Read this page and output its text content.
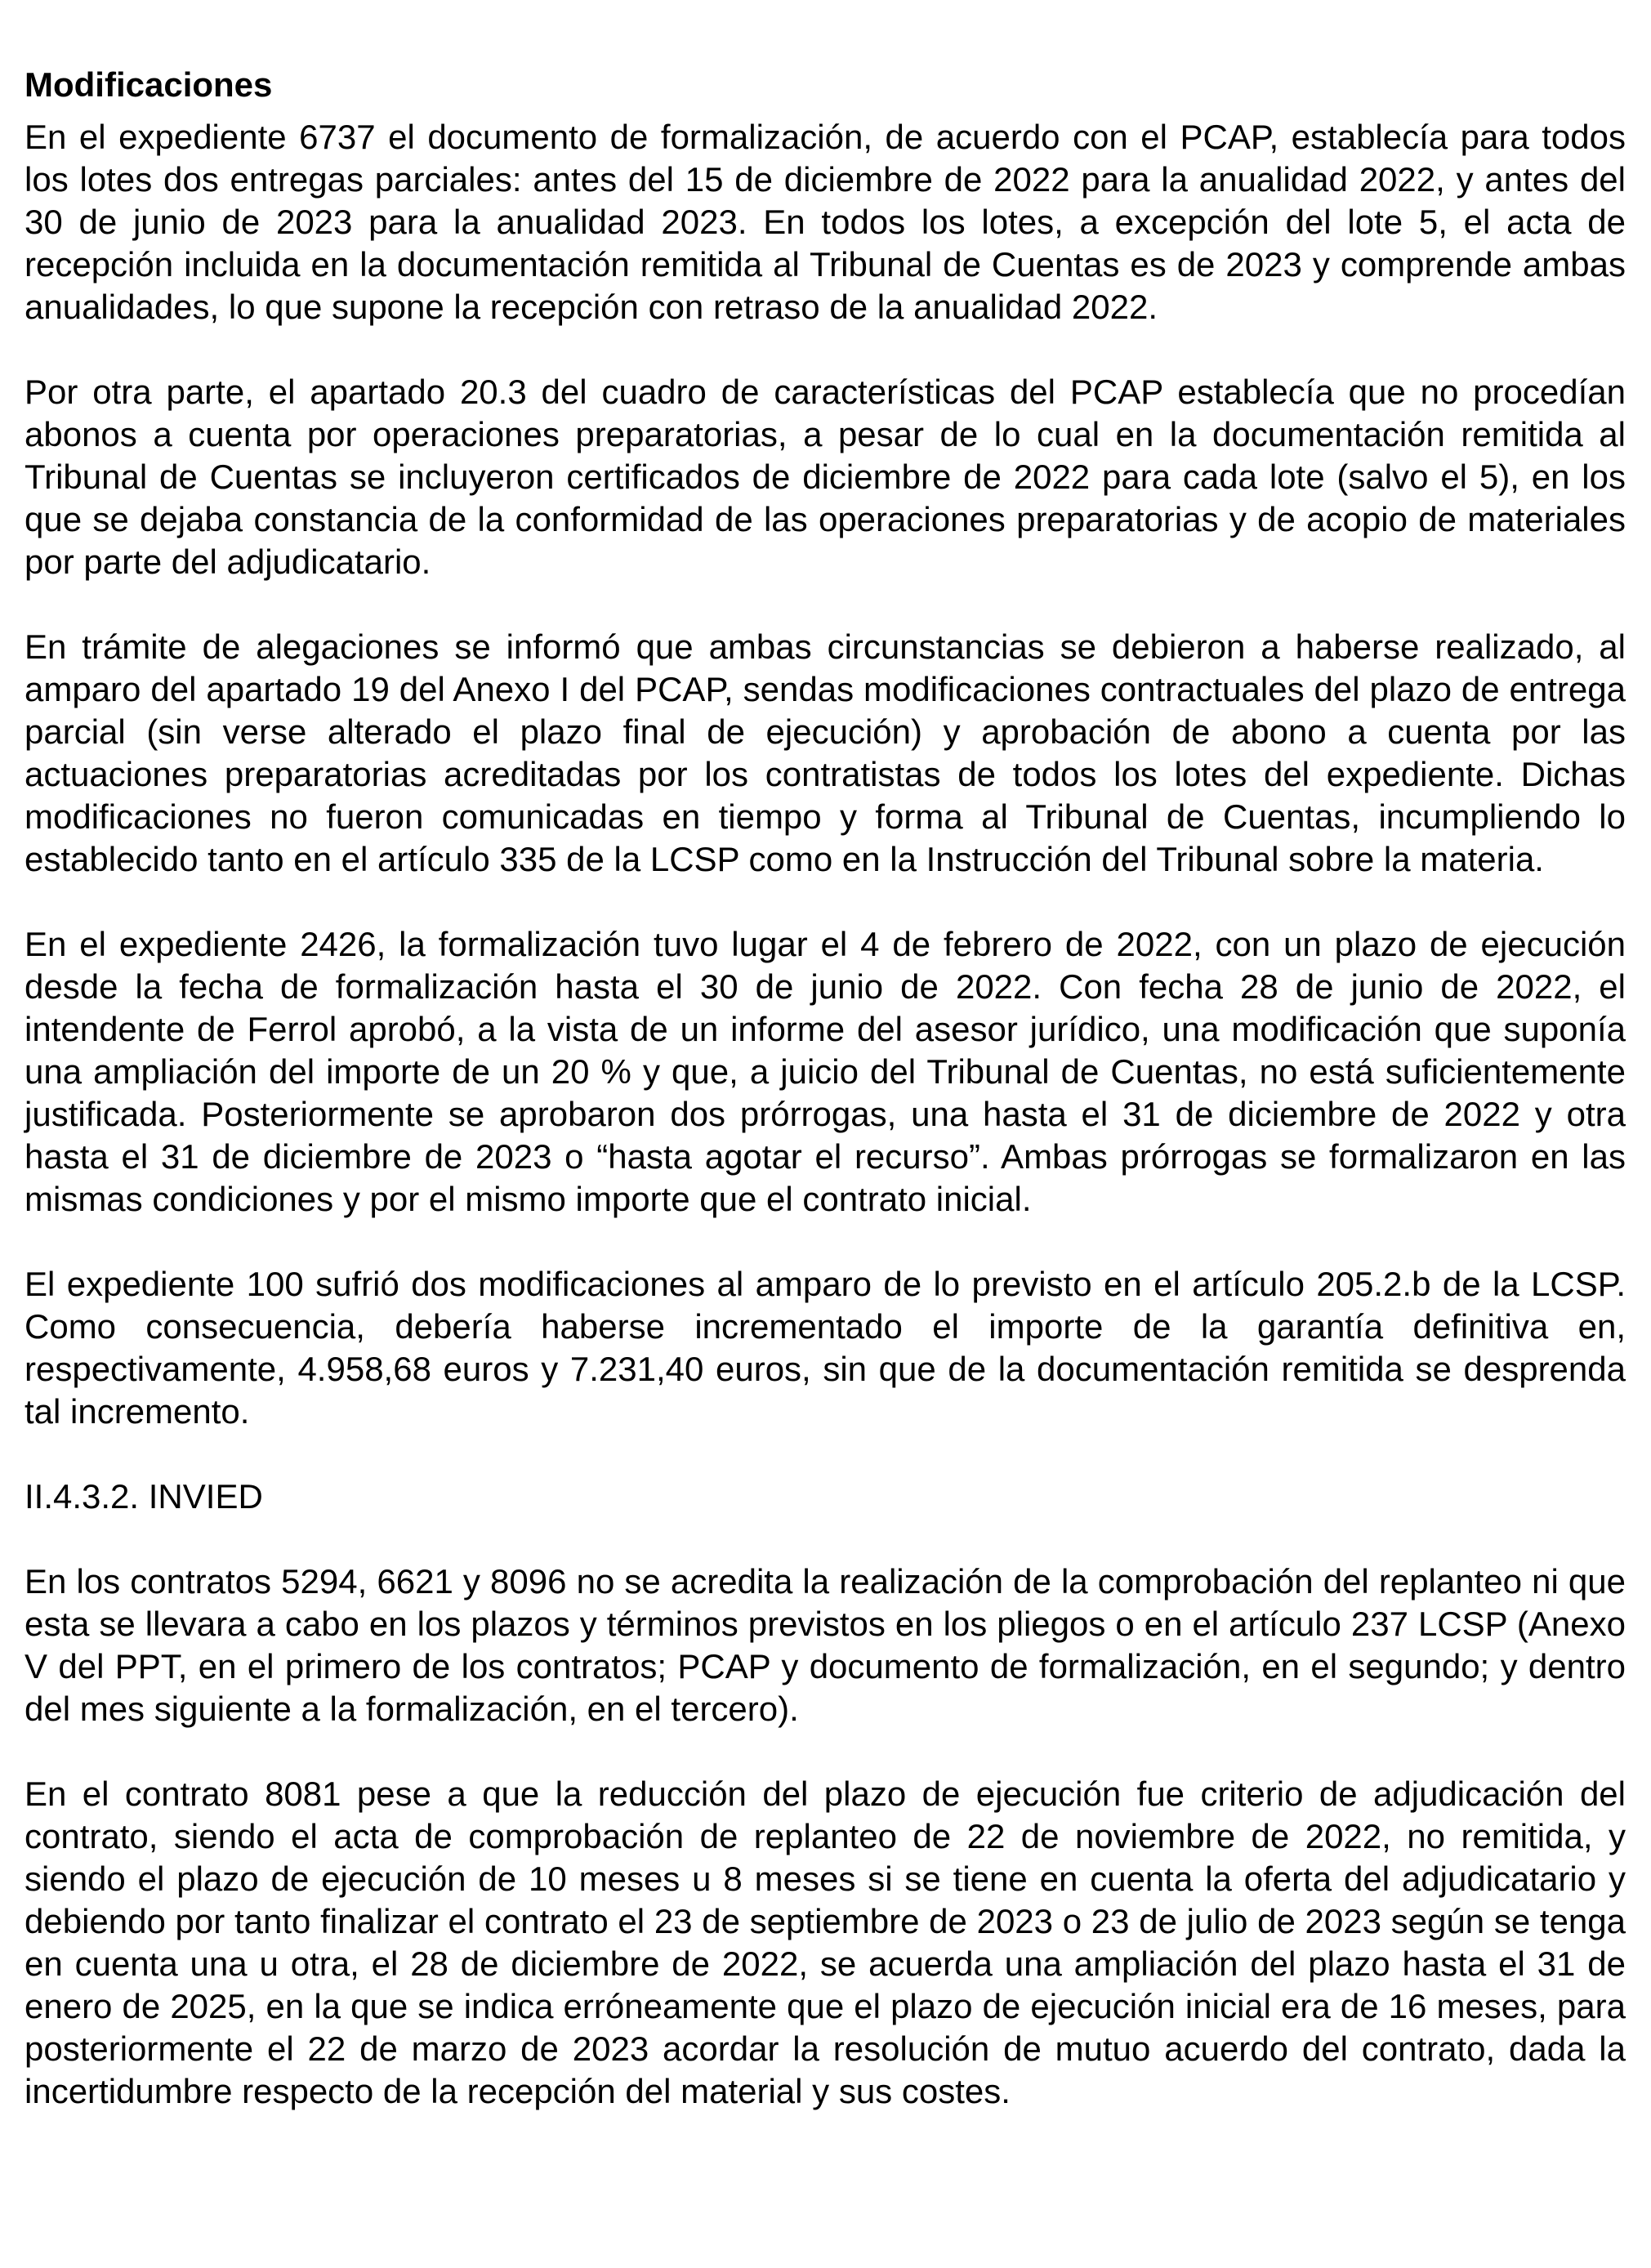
Modificaciones

En el expediente 6737 el documento de formalización, de acuerdo con el PCAP, establecía para todos los lotes dos entregas parciales: antes del 15 de diciembre de 2022 para la anualidad 2022, y antes del 30 de junio de 2023 para la anualidad 2023. En todos los lotes, a excepción del lote 5, el acta de recepción incluida en la documentación remitida al Tribunal de Cuentas es de 2023 y comprende ambas anualidades, lo que supone la recepción con retraso de la anualidad 2022.

Por otra parte, el apartado 20.3 del cuadro de características del PCAP establecía que no procedían abonos a cuenta por operaciones preparatorias, a pesar de lo cual en la documentación remitida al Tribunal de Cuentas se incluyeron certificados de diciembre de 2022 para cada lote (salvo el 5), en los que se dejaba constancia de la conformidad de las operaciones preparatorias y de acopio de materiales por parte del adjudicatario.

En trámite de alegaciones se informó que ambas circunstancias se debieron a haberse realizado, al amparo del apartado 19 del Anexo I del PCAP, sendas modificaciones contractuales del plazo de entrega parcial (sin verse alterado el plazo final de ejecución) y aprobación de abono a cuenta por las actuaciones preparatorias acreditadas por los contratistas de todos los lotes del expediente. Dichas modificaciones no fueron comunicadas en tiempo y forma al Tribunal de Cuentas, incumpliendo lo establecido tanto en el artículo 335 de la LCSP como en la Instrucción del Tribunal sobre la materia.

En el expediente 2426, la formalización tuvo lugar el 4 de febrero de 2022, con un plazo de ejecución desde la fecha de formalización hasta el 30 de junio de 2022. Con fecha 28 de junio de 2022, el intendente de Ferrol aprobó, a la vista de un informe del asesor jurídico, una modificación que suponía una ampliación del importe de un 20 % y que, a juicio del Tribunal de Cuentas, no está suficientemente justificada. Posteriormente se aprobaron dos prórrogas, una hasta el 31 de diciembre de 2022 y otra hasta el 31 de diciembre de 2023 o “hasta agotar el recurso”. Ambas prórrogas se formalizaron en las mismas condiciones y por el mismo importe que el contrato inicial.

El expediente 100 sufrió dos modificaciones al amparo de lo previsto en el artículo 205.2.b de la LCSP. Como consecuencia, debería haberse incrementado el importe de la garantía definitiva en, respectivamente, 4.958,68 euros y 7.231,40 euros, sin que de la documentación remitida se desprenda tal incremento.

II.4.3.2. INVIED

En los contratos 5294, 6621 y 8096 no se acredita la realización de la comprobación del replanteo ni que esta se llevara a cabo en los plazos y términos previstos en los pliegos o en el artículo 237 LCSP (Anexo V del PPT, en el primero de los contratos; PCAP y documento de formalización, en el segundo; y dentro del mes siguiente a la formalización, en el tercero).

En el contrato 8081 pese a que la reducción del plazo de ejecución fue criterio de adjudicación del contrato, siendo el acta de comprobación de replanteo de 22 de noviembre de 2022, no remitida, y siendo el plazo de ejecución de 10 meses u 8 meses si se tiene en cuenta la oferta del adjudicatario y debiendo por tanto finalizar el contrato el 23 de septiembre de 2023 o 23 de julio de 2023 según se tenga en cuenta una u otra, el 28 de diciembre de 2022, se acuerda una ampliación del plazo hasta el 31 de enero de 2025, en la que se indica erróneamente que el plazo de ejecución inicial era de 16 meses, para posteriormente el 22 de marzo de 2023 acordar la resolución de mutuo acuerdo del contrato, dada la incertidumbre respecto de la recepción del material y sus costes.
